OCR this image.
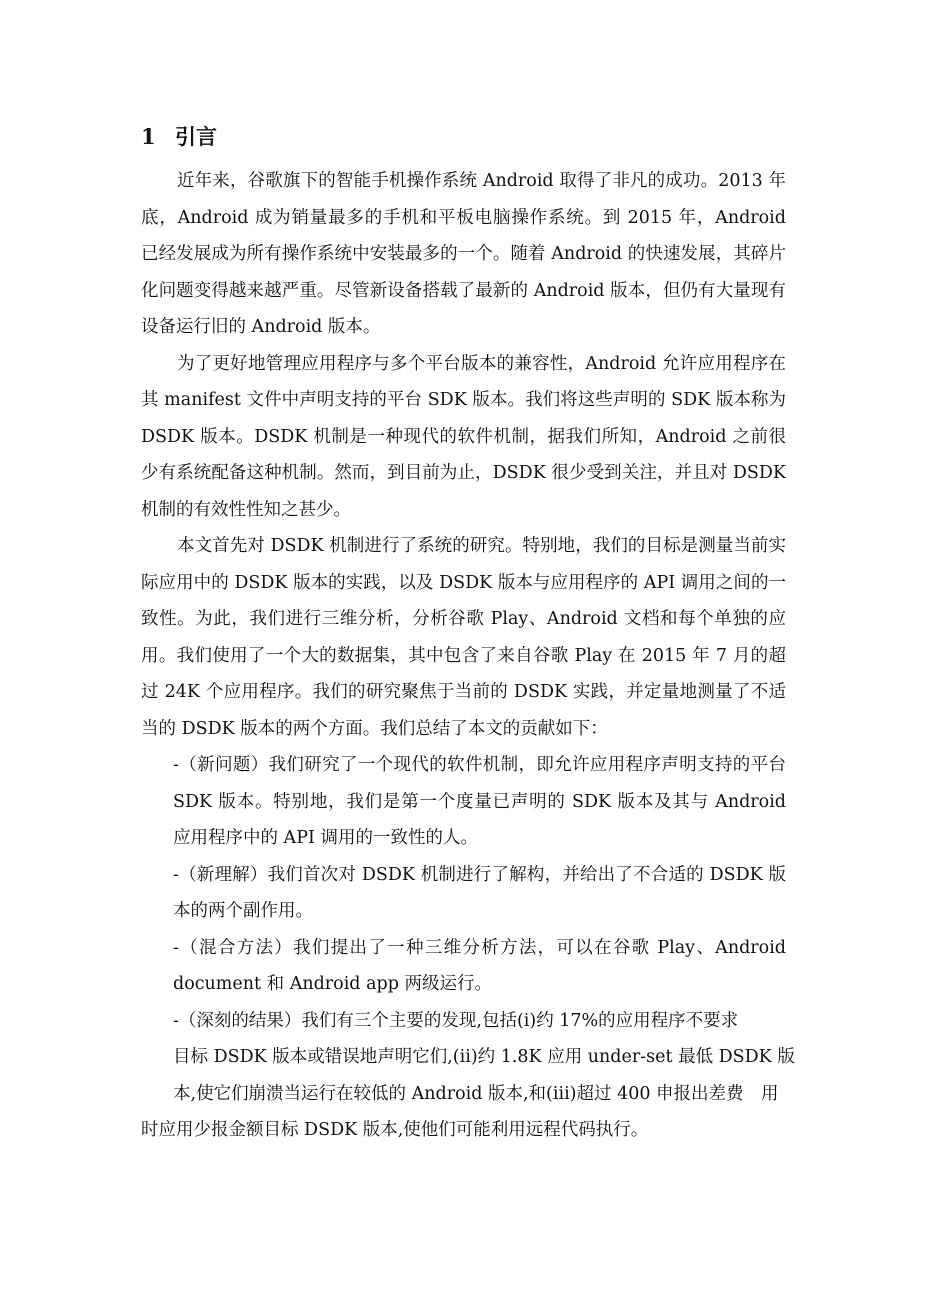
1 引言

近年来，谷歌旗下的智能手机操作系统 Android 取得了非凡的成功。2013 年底，Android 成为销量最多的手机和平板电脑操作系统。到 2015 年，Android 已经发展成为所有操作系统中安装最多的一个。随着 Android 的快速发展，其碎片化问题变得越来越严重。尽管新设备搭载了最新的 Android 版本，但仍有大量现有设备运行旧的 Android 版本。

为了更好地管理应用程序与多个平台版本的兼容性，Android 允许应用程序在其 manifest 文件中声明支持的平台 SDK 版本。我们将这些声明的 SDK 版本称为 DSDK 版本。DSDK 机制是一种现代的软件机制，据我们所知，Android 之前很少有系统配备这种机制。然而，到目前为止，DSDK 很少受到关注，并且对 DSDK 机制的有效性性知之甚少。

本文首先对 DSDK 机制进行了系统的研究。特别地，我们的目标是测量当前实际应用中的 DSDK 版本的实践，以及 DSDK 版本与应用程序的 API 调用之间的一致性。为此，我们进行三维分析，分析谷歌 Play、Android 文档和每个单独的应用。我们使用了一个大的数据集，其中包含了来自谷歌 Play 在 2015 年 7 月的超过 24K 个应用程序。我们的研究聚焦于当前的 DSDK 实践，并定量地测量了不适当的 DSDK 版本的两个方面。我们总结了本文的贡献如下：

-（新问题）我们研究了一个现代的软件机制，即允许应用程序声明支持的平台 SDK 版本。特别地，我们是第一个度量已声明的 SDK 版本及其与 Android 应用程序中的 API 调用的一致性的人。

-（新理解）我们首次对 DSDK 机制进行了解构，并给出了不合适的 DSDK 版本的两个副作用。

-（混合方法）我们提出了一种三维分析方法，可以在谷歌 Play、Android document 和 Android app 两级运行。

-（深刻的结果）我们有三个主要的发现,包括(i)约 17%的应用程序不要求
目标 DSDK 版本或错误地声明它们,(ii)约 1.8K 应用 under-set 最低 DSDK 版
本,使它们崩溃当运行在较低的 Android 版本,和(iii)超过 400 申报出差费　用
时应用少报金额目标 DSDK 版本,使他们可能利用远程代码执行。
